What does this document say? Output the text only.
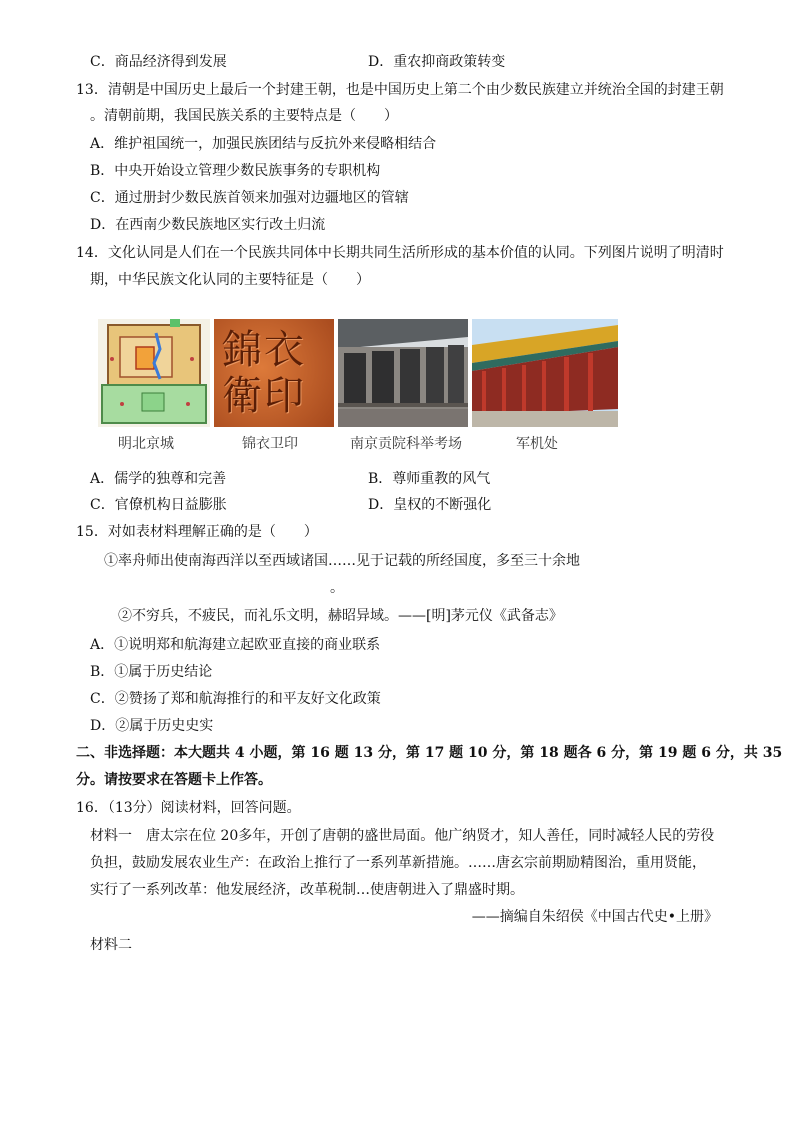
C．商品经济得到发展	D．重农抑商政策转变
13．清朝是中国历史上最后一个封建王朝，也是中国历史上第二个由少数民族建立并统治全国的封建王朝
。清朝前期，我国民族关系的主要特点是（　　）
A．维护祖国统一，加强民族团结与反抗外来侵略相结合
B．中央开始设立管理少数民族事务的专职机构
C．通过册封少数民族首领来加强对边疆地区的管辖
D．在西南少数民族地区实行改土归流
14．文化认同是人们在一个民族共同体中长期共同生活所形成的基本价值的认同。下列图片说明了明清时
期，中华民族文化认同的主要特征是（　　）
明北京城
錦衣衛印
锦衣卫印	南京贡院科举考场	军机处
A．儒学的独尊和完善	B．尊师重教的风气
C．官僚机构日益膨胀	D．皇权的不断强化
15．对如表材料理解正确的是（　　）
①率舟师出使南海西洋以至西域诸国……见于记载的所经国度，多至三十余地
。
②不穷兵，不疲民，而礼乐文明，赫昭异域。——[明]茅元仪《武备志》
A．①说明郑和航海建立起欧亚直接的商业联系
B．①属于历史结论
C．②赞扬了郑和航海推行的和平友好文化政策
D．②属于历史史实
二、非选择题：本大题共 4 小题，第 16 题 13 分，第 17 题 10 分，第 18 题各 6 分，第 19 题 6 分，共 35
分。请按要求在答题卡上作答。
16．（13分）阅读材料，回答问题。
材料一　唐太宗在位 20多年，开创了唐朝的盛世局面。他广纳贤才，知人善任，同时减轻人民的劳役
负担，鼓励发展农业生产：在政治上推行了一系列革新措施。……唐玄宗前期励精图治，重用贤能，
实行了一系列改革：他发展经济，改革税制…使唐朝进入了鼎盛时期。
——摘编自朱绍侯《中国古代史•上册》
材料二
